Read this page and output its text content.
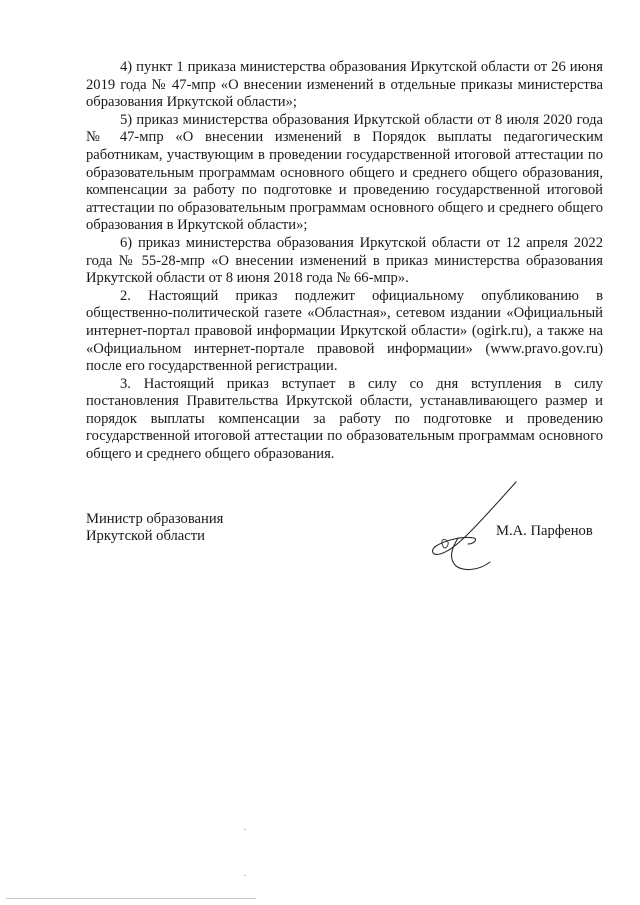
4) пункт 1 приказа министерства образования Иркутской области от 26 июня 2019 года № 47-мпр «О внесении изменений в отдельные приказы министерства образования Иркутской области»;

5) приказ министерства образования Иркутской области от 8 июля 2020 года № 47-мпр «О внесении изменений в Порядок выплаты педагогическим работникам, участвующим в проведении государственной итоговой аттестации по образовательным программам основного общего и среднего общего образования, компенсации за работу по подготовке и проведению государственной итоговой аттестации по образовательным программам основного общего и среднего общего образования в Иркутской области»;

6) приказ министерства образования Иркутской области от 12 апреля 2022 года № 55-28-мпр «О внесении изменений в приказ министерства образования Иркутской области от 8 июня 2018 года № 66-мпр».

2. Настоящий приказ подлежит официальному опубликованию в общественно-политической газете «Областная», сетевом издании «Официальный интернет-портал правовой информации Иркутской области» (ogirk.ru), а также на «Официальном интернет-портале правовой информации» (www.pravo.gov.ru) после его государственной регистрации.

3. Настоящий приказ вступает в силу со дня вступления в силу постановления Правительства Иркутской области, устанавливающего размер и порядок выплаты компенсации за работу по подготовке и проведению государственной итоговой аттестации по образовательным программам основного общего и среднего общего образования.

Министр образования
Иркутской области	М.А. Парфенов
